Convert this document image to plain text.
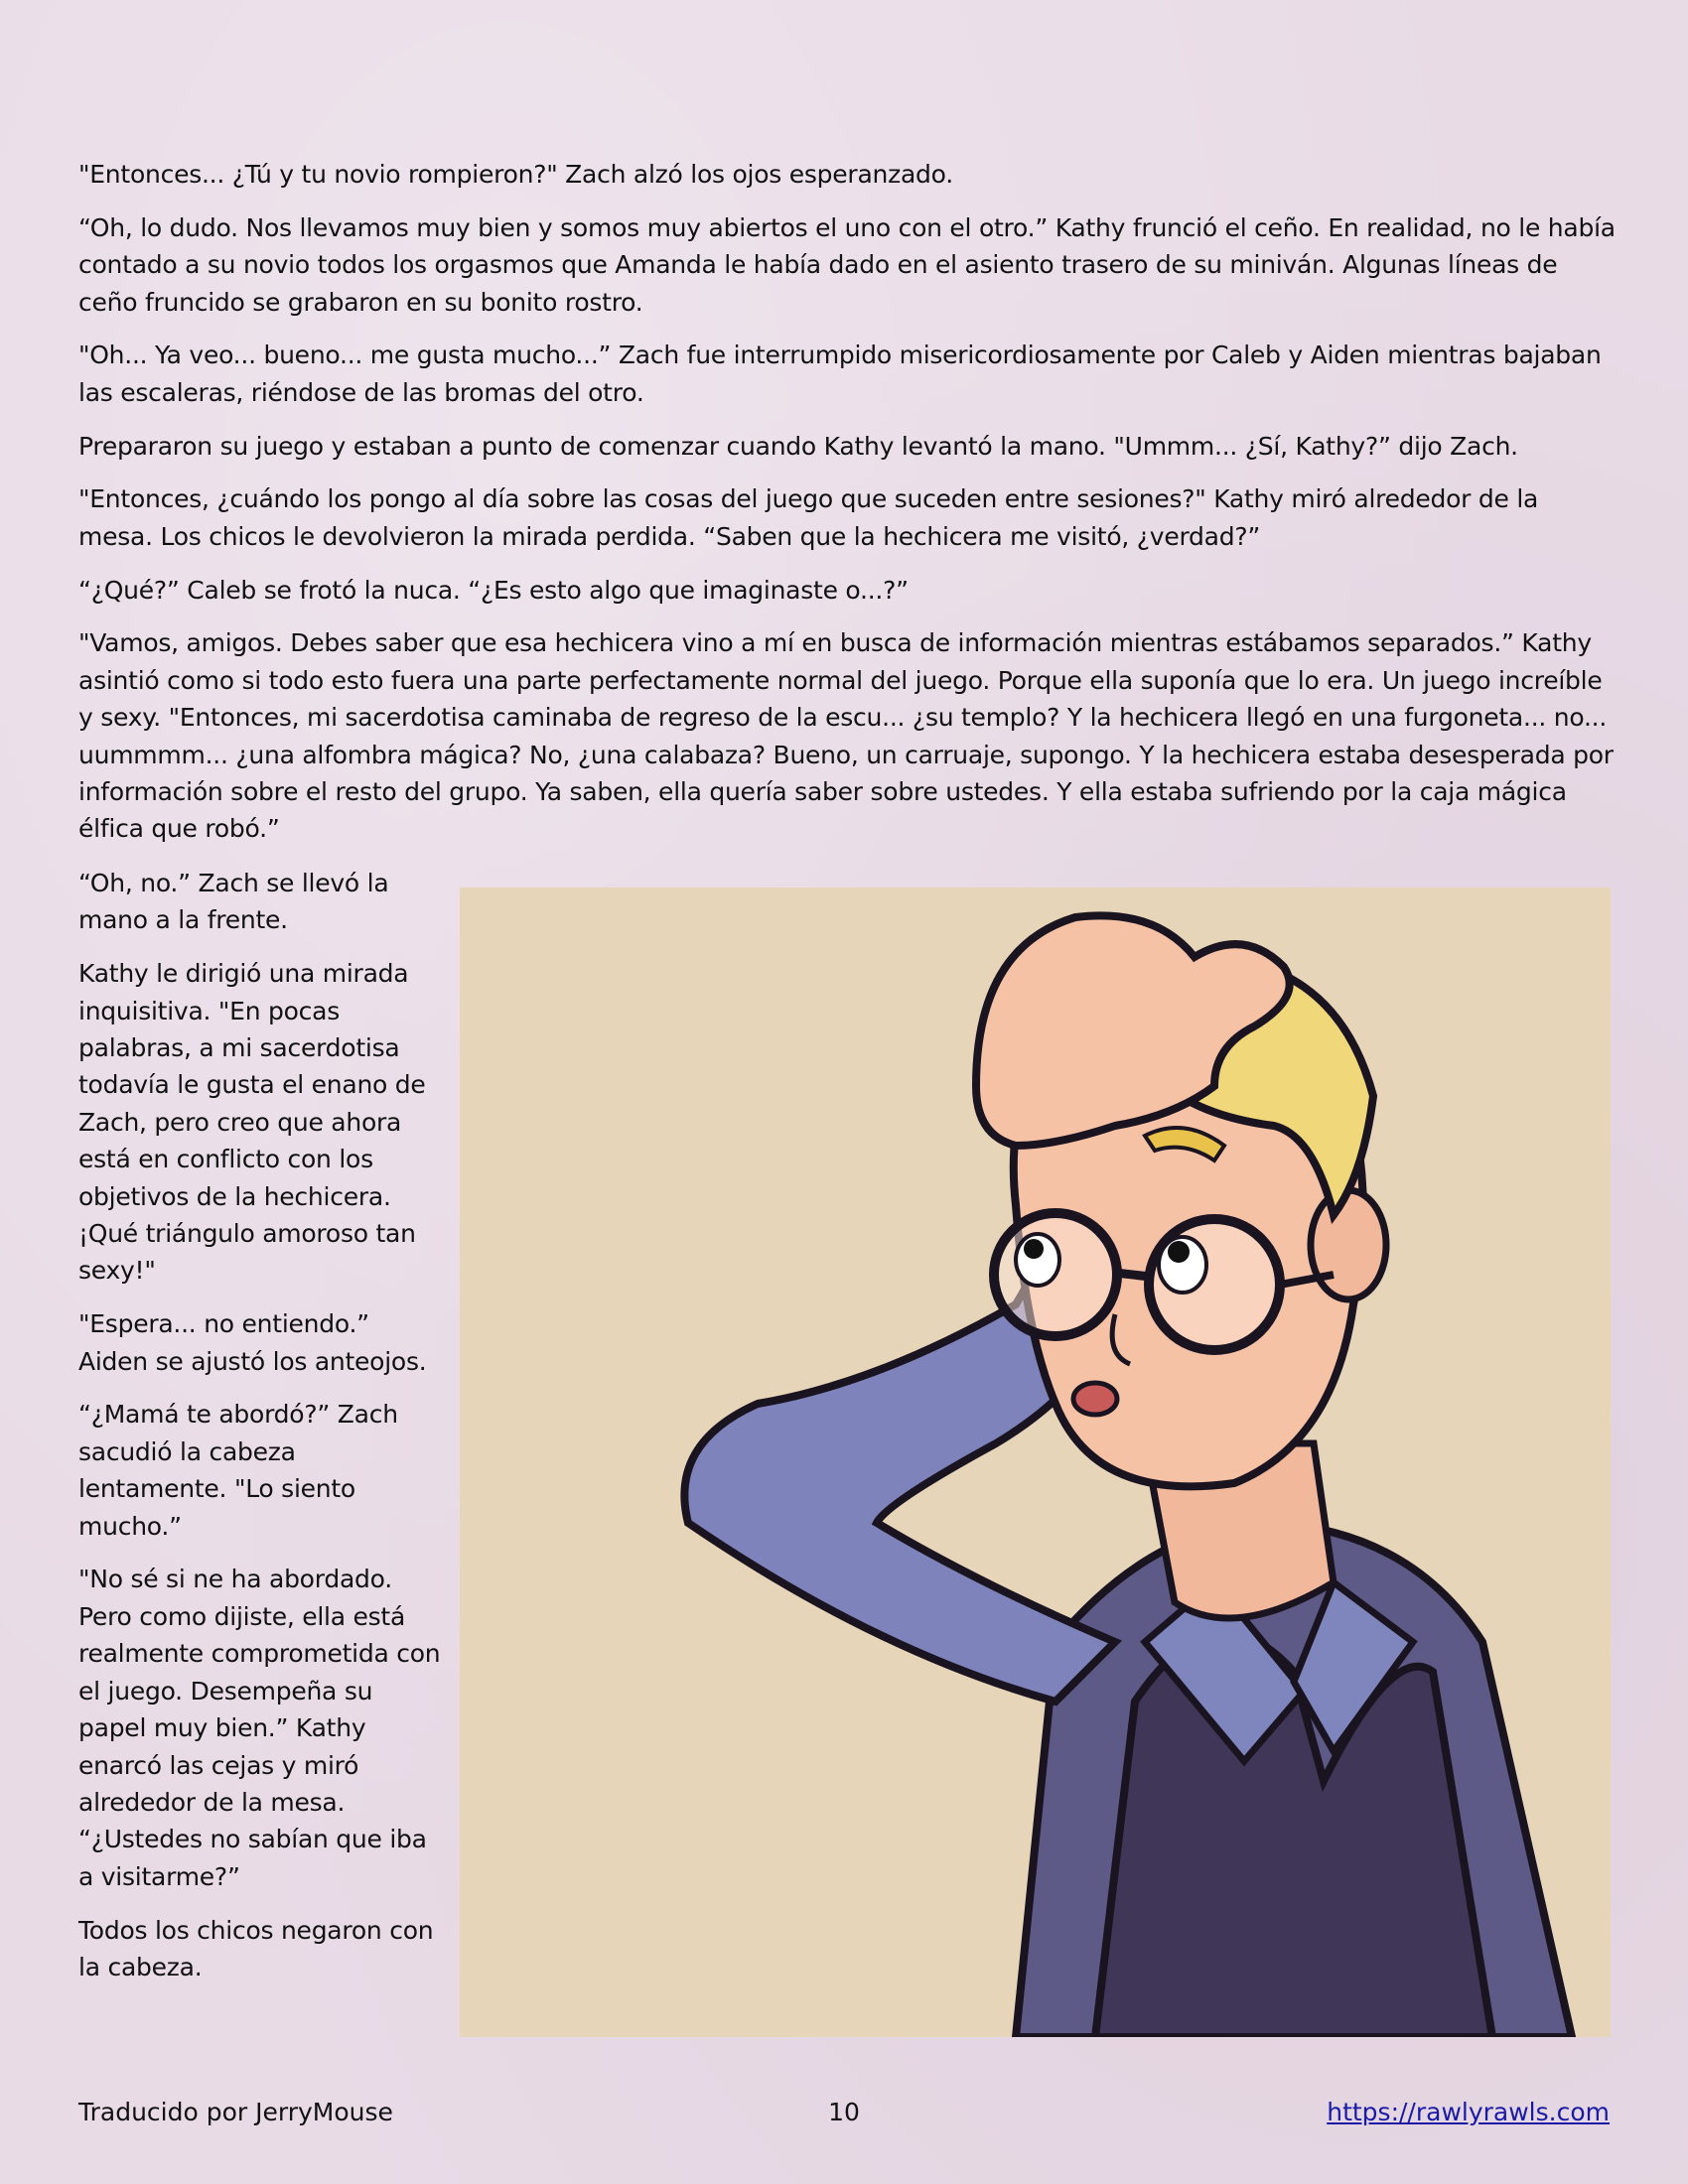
"Entonces... ¿Tú y tu novio rompieron?" Zach alzó los ojos esperanzado.

“Oh, lo dudo. Nos llevamos muy bien y somos muy abiertos el uno con el otro.” Kathy frunció el ceño. En realidad, no le había contado a su novio todos los orgasmos que Amanda le había dado en el asiento trasero de su miniván. Algunas líneas de ceño fruncido se grabaron en su bonito rostro.

"Oh... Ya veo... bueno... me gusta mucho...” Zach fue interrumpido misericordiosamente por Caleb y Aiden mientras bajaban las escaleras, riéndose de las bromas del otro.

Prepararon su juego y estaban a punto de comenzar cuando Kathy levantó la mano. "Ummm... ¿Sí, Kathy?” dijo Zach.

"Entonces, ¿cuándo los pongo al día sobre las cosas del juego que suceden entre sesiones?" Kathy miró alrededor de la mesa. Los chicos le devolvieron la mirada perdida. “Saben que la hechicera me visitó, ¿verdad?”

“¿Qué?” Caleb se frotó la nuca. “¿Es esto algo que imaginaste o...?”

"Vamos, amigos. Debes saber que esa hechicera vino a mí en busca de información mientras estábamos separados.” Kathy asintió como si todo esto fuera una parte perfectamente normal del juego. Porque ella suponía que lo era. Un juego increíble y sexy. "Entonces, mi sacerdotisa caminaba de regreso de la escu... ¿su templo? Y la hechicera llegó en una furgoneta... no... uummmm... ¿una alfombra mágica? No, ¿una calabaza? Bueno, un carruaje, supongo. Y la hechicera estaba desesperada por información sobre el resto del grupo. Ya saben, ella quería saber sobre ustedes. Y ella estaba sufriendo por la caja mágica élfica que robó.”

“Oh, no.” Zach se llevó la mano a la frente.

Kathy le dirigió una mirada inquisitiva. "En pocas palabras, a mi sacerdotisa todavía le gusta el enano de Zach, pero creo que ahora está en conflicto con los objetivos de la hechicera. ¡Qué triángulo amoroso tan sexy!"

"Espera... no entiendo.” Aiden se ajustó los anteojos.

“¿Mamá te abordó?” Zach sacudió la cabeza lentamente. "Lo siento mucho.”

"No sé si ne ha abordado. Pero como dijiste, ella está realmente comprometida con el juego. Desempeña su papel muy bien.” Kathy enarcó las cejas y miró alrededor de la mesa. “¿Ustedes no sabían que iba a visitarme?”

Todos los chicos negaron con la cabeza.

Traducido por JerryMouse	10	https://rawlyrawls.com
